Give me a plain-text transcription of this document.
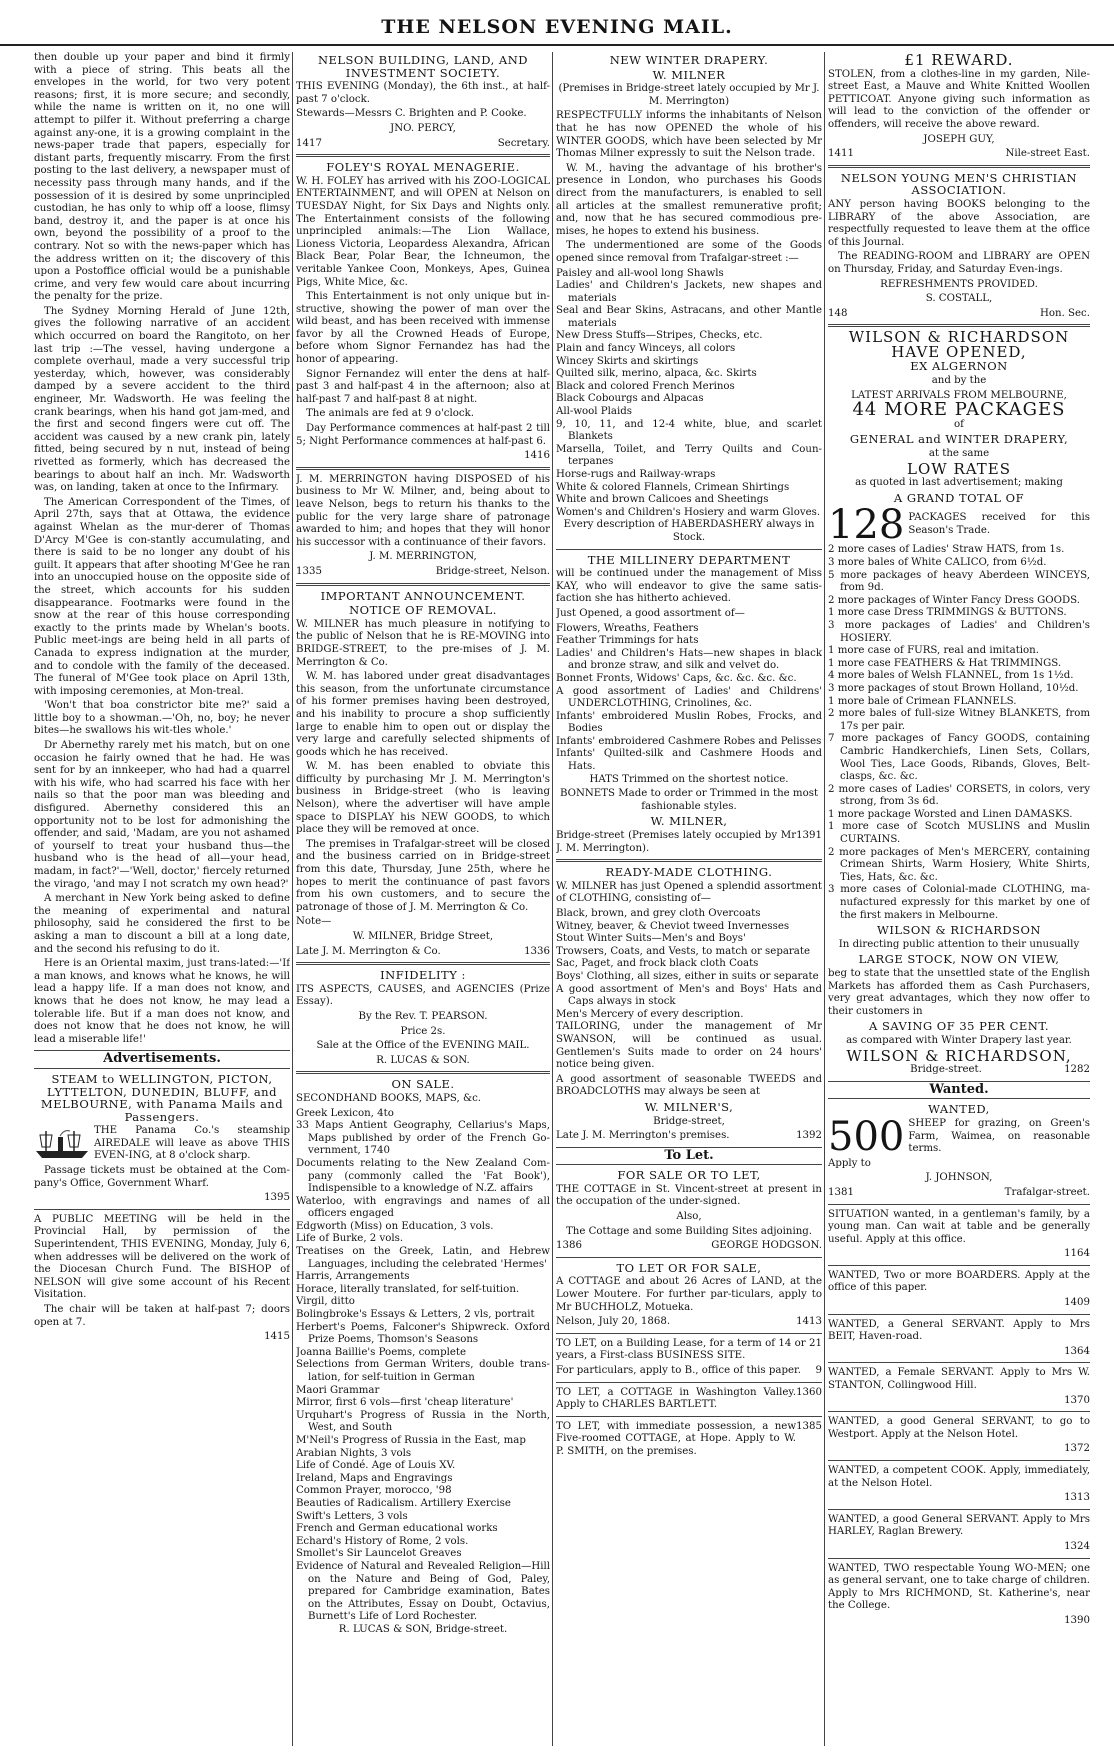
THE NELSON EVENING MAIL.

then double up your paper and bind it firmly with a piece of string. This beats all the envelopes in the world, for two very potent reasons; first, it is more secure; and secondly, while the name is written on it, no one will attempt to pilfer it. Without preferring a charge against any-one, it is a growing complaint in the news-paper trade that papers, especially for distant parts, frequently miscarry. From the first posting to the last delivery, a newspaper must of necessity pass through many hands, and if the possession of it is desired by some unprincipled custodian, he has only to whip off a loose, flimsy band, destroy it, and the paper is at once his own, beyond the possibility of a proof to the contrary. Not so with the news-paper which has the address written on it; the discovery of this upon a Postoffice official would be a punishable crime, and very few would care about incurring the penalty for the prize.

The Sydney Morning Herald of June 12th, gives the following narrative of an accident which occurred on board the Rangitoto, on her last trip :—The vessel, having undergone a complete overhaul, made a very successful trip yesterday, which, however, was considerably damped by a severe accident to the third engineer, Mr. Wadsworth. He was feeling the crank bearings, when his hand got jam-med, and the first and second fingers were cut off. The accident was caused by a new crank pin, lately fitted, being secured by n nut, instead of being rivetted as formerly, which has decreased the bearings to about half an inch. Mr. Wadsworth was, on landing, taken at once to the Infirmary.

The American Correspondent of the Times, of April 27th, says that at Ottawa, the evidence against Whelan as the mur-derer of Thomas D'Arcy M'Gee is con-stantly accumulating, and there is said to be no longer any doubt of his guilt. It appears that after shooting M'Gee he ran into an unoccupied house on the opposite side of the street, which accounts for his sudden disappearance. Footmarks were found in the snow at the rear of this house corresponding exactly to the prints made by Whelan's boots. Public meet-ings are being held in all parts of Canada to express indignation at the murder, and to condole with the family of the deceased. The funeral of M'Gee took place on April 13th, with imposing ceremonies, at Mon-treal.

'Won't that boa constrictor bite me?' said a little boy to a showman.—'Oh, no, boy; he never bites—he swallows his wit-tles whole.'

Dr Abernethy rarely met his match, but on one occasion he fairly owned that he had. He was sent for by an innkeeper, who had had a quarrel with his wife, who had scarred his face with her nails so that the poor man was bleeding and disfigured. Abernethy considered this an opportunity not to be lost for admonishing the offender, and said, 'Madam, are you not ashamed of yourself to treat your husband thus—the husband who is the head of all—your head, madam, in fact?'—'Well, doctor,' fiercely returned the virago, 'and may I not scratch my own head?'

A merchant in New York being asked to define the meaning of experimental and natural philosophy, said he considered the first to be asking a man to discount a bill at a long date, and the second his refusing to do it.

Here is an Oriental maxim, just trans-lated:—'If a man knows, and knows what he knows, he will lead a happy life. If a man does not know, and knows that he does not know, he may lead a tolerable life. But if a man does not know, and does not know that he does not know, he will lead a miserable life!'

Advertisements.

STEAM to WELLINGTON, PICTON, LYTTELTON, DUNEDIN, BLUFF, and MELBOURNE, with Panama Mails and Passengers.

THE Panama Co.'s steamship AIREDALE will leave as above THIS EVEN-ING, at 8 o'clock sharp.

Passage tickets must be obtained at the Com-pany's Office, Government Wharf.

1395

A PUBLIC MEETING will be held in the Provincial Hall, by permission of the Superintendent, THIS EVENING, Monday, July 6, when addresses will be delivered on the work of the Diocesan Church Fund. The BISHOP of NELSON will give some account of his Recent Visitation.

The chair will be taken at half-past 7; doors open at 7.

1415

NELSON BUILDING, LAND, AND INVESTMENT SOCIETY.

THIS EVENING (Monday), the 6th inst., at half-past 7 o'clock.

Stewards—Messrs C. Brighten and P. Cooke.

JNO. PERCY,

1417	Secretary.

FOLEY'S ROYAL MENAGERIE.

W. H. FOLEY has arrived with his ZOO-LOGICAL ENTERTAINMENT, and will OPEN at Nelson on TUESDAY Night, for Six Days and Nights only. The Entertainment consists of the following unprincipled animals:—The Lion Wallace, Lioness Victoria, Leopardess Alexandra, African Black Bear, Polar Bear, the Ichneumon, the veritable Yankee Coon, Monkeys, Apes, Guinea Pigs, White Mice, &c.

This Entertainment is not only unique but in-structive, showing the power of man over the wild beast, and has been received with immense favor by all the Crowned Heads of Europe, before whom Signor Fernandez has had the honor of appearing.

Signor Fernandez will enter the dens at half-past 3 and half-past 4 in the afternoon; also at half-past 7 and half-past 8 at night.

The animals are fed at 9 o'clock.

Day Performance commences at half-past 2 till 5; Night Performance commences at half-past 6.

1416

J. M. MERRINGTON having DISPOSED of his business to Mr W. Milner, and, being about to leave Nelson, begs to return his thanks to the public for the very large share of patronage awarded to him; and hopes that they will honor his successor with a continuance of their favors.

J. M. MERRINGTON,

1335	Bridge-street, Nelson.

IMPORTANT ANNOUNCEMENT.

NOTICE OF REMOVAL.

W. MILNER has much pleasure in notifying to the public of Nelson that he is RE-MOVING into BRIDGE-STREET, to the pre-mises of J. M. Merrington & Co.

W. M. has labored under great disadvantages this season, from the unfortunate circumstance of his former premises having been destroyed, and his inability to procure a shop sufficiently large to enable him to open out or display the very large and carefully selected shipments of goods which he has received.

W. M. has been enabled to obviate this difficulty by purchasing Mr J. M. Merrington's business in Bridge-street (who is leaving Nelson), where the advertiser will have ample space to DISPLAY his NEW GOODS, to which place they will be removed at once.

The premises in Trafalgar-street will be closed and the business carried on in Bridge-street from this date, Thursday, June 25th, where he hopes to merit the continuance of past favors from his own customers, and to secure the patronage of those of J. M. Merrington & Co.

Note—

W. MILNER, Bridge Street,

Late J. M. Merrington & Co.	1336

INFIDELITY :

ITS ASPECTS, CAUSES, and AGENCIES (Prize Essay).

By the Rev. T. PEARSON.

Price 2s.

Sale at the Office of the EVENING MAIL.

R. LUCAS & SON.

ON SALE.

SECONDHAND BOOKS, MAPS, &c.

Greek Lexicon, 4to

33 Maps Antient Geography, Cellarius's Maps, Maps published by order of the French Go-vernment, 1740

Documents relating to the New Zealand Com-pany (commonly called the 'Fat Book'), Indispensible to a knowledge of N.Z. affairs

Waterloo, with engravings and names of all officers engaged

Edgworth (Miss) on Education, 3 vols.

Life of Burke, 2 vols.

Treatises on the Greek, Latin, and Hebrew Languages, including the celebrated 'Hermes'

Harris, Arrangements

Horace, literally translated, for self-tuition.

Virgil, ditto

Bolingbroke's Essays & Letters, 2 vls, portrait

Herbert's Poems, Falconer's Shipwreck. Oxford Prize Poems, Thomson's Seasons

Joanna Baillie's Poems, complete

Selections from German Writers, double trans-lation, for self-tuition in German

Maori Grammar

Mirror, first 6 vols—first 'cheap literature'

Urquhart's Progress of Russia in the North, West, and South

M'Neil's Progress of Russia in the East, map

Arabian Nights, 3 vols

Life of Condé. Age of Louis XV.

Ireland, Maps and Engravings

Common Prayer, morocco, '98

Beauties of Radicalism. Artillery Exercise

Swift's Letters, 3 vols

French and German educational works

Echard's History of Rome, 2 vols.

Smollet's Sir Launcelot Greaves

Evidence of Natural and Revealed Religion—Hill on the Nature and Being of God, Paley, prepared for Cambridge examination, Bates on the Attributes, Essay on Doubt, Octavius, Burnett's Life of Lord Rochester.

R. LUCAS & SON, Bridge-street.

NEW WINTER DRAPERY.

W. MILNER

(Premises in Bridge-street lately occupied by Mr J. M. Merrington)

RESPECTFULLY informs the inhabitants of Nelson that he has now OPENED the whole of his WINTER GOODS, which have been selected by Mr Thomas Milner expressly to suit the Nelson trade.

W. M., having the advantage of his brother's presence in London, who purchases his Goods direct from the manufacturers, is enabled to sell all articles at the smallest remunerative profit; and, now that he has secured commodious pre-mises, he hopes to extend his business.

The undermentioned are some of the Goods opened since removal from Trafalgar-street :—

Paisley and all-wool long Shawls

Ladies' and Children's Jackets, new shapes and materials

Seal and Bear Skins, Astracans, and other Mantle materials

New Dress Stuffs—Stripes, Checks, etc.

Plain and fancy Winceys, all colors

Wincey Skirts and skirtings

Quilted silk, merino, alpaca, &c. Skirts

Black and colored French Merinos

Black Cobourgs and Alpacas

All-wool Plaids

9, 10, 11, and 12-4 white, blue, and scarlet Blankets

Marsella, Toilet, and Terry Quilts and Coun-terpanes

Horse-rugs and Railway-wraps

White & colored Flannels, Crimean Shirtings

White and brown Calicoes and Sheetings

Women's and Children's Hosiery and warm Gloves.

Every description of HABERDASHERY always in Stock.

THE MILLINERY DEPARTMENT

will be continued under the management of Miss KAY, who will endeavor to give the same satis-faction she has hitherto achieved.

Just Opened, a good assortment of—

Flowers, Wreaths, Feathers

Feather Trimmings for hats

Ladies' and Children's Hats—new shapes in black and bronze straw, and silk and velvet do.

Bonnet Fronts, Widows' Caps, &c. &c. &c. &c.

A good assortment of Ladies' and Childrens' UNDERCLOTHING, Crinolines, &c.

Infants' embroidered Muslin Robes, Frocks, and Bodies

Infants' embroidered Cashmere Robes and Pelisses

Infants' Quilted-silk and Cashmere Hoods and Hats.

HATS Trimmed on the shortest notice.

BONNETS Made to order or Trimmed in the most fashionable styles.

W. MILNER,

Bridge-street (Premises lately occupied by Mr J. M. Merrington).
1391

READY-MADE CLOTHING.

W. MILNER has just Opened a splendid assortment of CLOTHING, consisting of—

Black, brown, and grey cloth Overcoats

Witney, beaver, & Cheviot tweed Invernesses

Stout Winter Suits—Men's and Boys'

Trowsers, Coats, and Vests, to match or separate

Sac, Paget, and frock black cloth Coats

Boys' Clothing, all sizes, either in suits or separate

A good assortment of Men's and Boys' Hats and Caps always in stock

Men's Mercery of every description.

TAILORING, under the management of Mr SWANSON, will be continued as usual. Gentlemen's Suits made to order on 24 hours' notice being given.

A good assortment of seasonable TWEEDS and BROADCLOTHS may always be seen at

W. MILNER'S,

Bridge-street,

Late J. M. Merrington's premises.	1392
To Let.

FOR SALE OR TO LET,

THE COTTAGE in St. Vincent-street at present in the occupation of the under-signed.

Also,

The Cottage and some Building Sites adjoining.

1386	GEORGE HODGSON.

TO LET OR FOR SALE,

A COTTAGE and about 26 Acres of LAND, at the Lower Moutere. For further par-ticulars, apply to Mr BUCHHOLZ, Motueka.

Nelson, July 20, 1868.	1413

TO LET, on a Building Lease, for a term of 14 or 21 years, a First-class BUSINESS SITE.

For particulars, apply to B., office of this paper. 9
TO LET, a COTTAGE in Washington Valley. Apply to CHARLES BARTLETT.
1360
TO LET, with immediate possession, a new Five-roomed COTTAGE, at Hope. Apply to W. P. SMITH, on the premises.
1385

£1 REWARD.

STOLEN, from a clothes-line in my garden, Nile-street East, a Mauve and White Knitted Woollen PETTICOAT. Anyone giving such information as will lead to the conviction of the offender or offenders, will receive the above reward.

JOSEPH GUY,

1411	Nile-street East.

NELSON YOUNG MEN'S CHRISTIAN ASSOCIATION.

ANY person having BOOKS belonging to the LIBRARY of the above Association, are respectfully requested to leave them at the office of this Journal.

The READING-ROOM and LIBRARY are OPEN on Thursday, Friday, and Saturday Even-ings.

REFRESHMENTS PROVIDED.

S. COSTALL,

148	Hon. Sec.

WILSON & RICHARDSON

HAVE OPENED,

EX ALGERNON

and by the

LATEST ARRIVALS FROM MELBOURNE,

44 MORE PACKAGES

of

GENERAL and WINTER DRAPERY,

at the same

LOW RATES

as quoted in last advertisement; making

A GRAND TOTAL OF

128 PACKAGES received for this Season's Trade.

2 more cases of Ladies' Straw HATS, from 1s.

3 more bales of White CALICO, from 6½d.

5 more packages of heavy Aberdeen WINCEYS, from 9d.

2 more packages of Winter Fancy Dress GOODS.

1 more case Dress TRIMMINGS & BUTTONS.

3 more packages of Ladies' and Children's HOSIERY.

1 more case of FURS, real and imitation.

1 more case FEATHERS & Hat TRIMMINGS.

4 more bales of Welsh FLANNEL, from 1s 1½d.

3 more packages of stout Brown Holland, 10½d.

1 more bale of Crimean FLANNELS.

2 more bales of full-size Witney BLANKETS, from 17s per pair.

7 more packages of Fancy GOODS, containing Cambric Handkerchiefs, Linen Sets, Collars, Wool Ties, Lace Goods, Ribands, Gloves, Belt-clasps, &c. &c.

2 more cases of Ladies' CORSETS, in colors, very strong, from 3s 6d.

1 more package Worsted and Linen DAMASKS.

1 more case of Scotch MUSLINS and Muslin CURTAINS.

2 more packages of Men's MERCERY, containing Crimean Shirts, Warm Hosiery, White Shirts, Ties, Hats, &c. &c.

3 more cases of Colonial-made CLOTHING, ma-nufactured expressly for this market by one of the first makers in Melbourne.

WILSON & RICHARDSON

In directing public attention to their unusually

LARGE STOCK, NOW ON VIEW,

beg to state that the unsettled state of the English Markets has afforded them as Cash Purchasers, very great advantages, which they now offer to their customers in

A SAVING OF 35 PER CENT.

as compared with Winter Drapery last year.

WILSON & RICHARDSON,

Bridge-street.	1282
Wanted.

WANTED,

500 SHEEP for grazing, on Green's Farm, Waimea, on reasonable terms.

Apply to

J. JOHNSON,

1381	Trafalgar-street.

SITUATION wanted, in a gentleman's family, by a young man. Can wait at table and be generally useful. Apply at this office.

1164

WANTED, Two or more BOARDERS. Apply at the office of this paper.

1409

WANTED, a General SERVANT. Apply to Mrs BEIT, Haven-road.

1364

WANTED, a Female SERVANT. Apply to Mrs W. STANTON, Collingwood Hill.

1370

WANTED, a good General SERVANT, to go to Westport. Apply at the Nelson Hotel.

1372

WANTED, a competent COOK. Apply, immediately, at the Nelson Hotel.

1313

WANTED, a good General SERVANT. Apply to Mrs HARLEY, Raglan Brewery.

1324

WANTED, TWO respectable Young WO-MEN; one as general servant, one to take charge of children. Apply to Mrs RICHMOND, St. Katherine's, near the College.

1390
